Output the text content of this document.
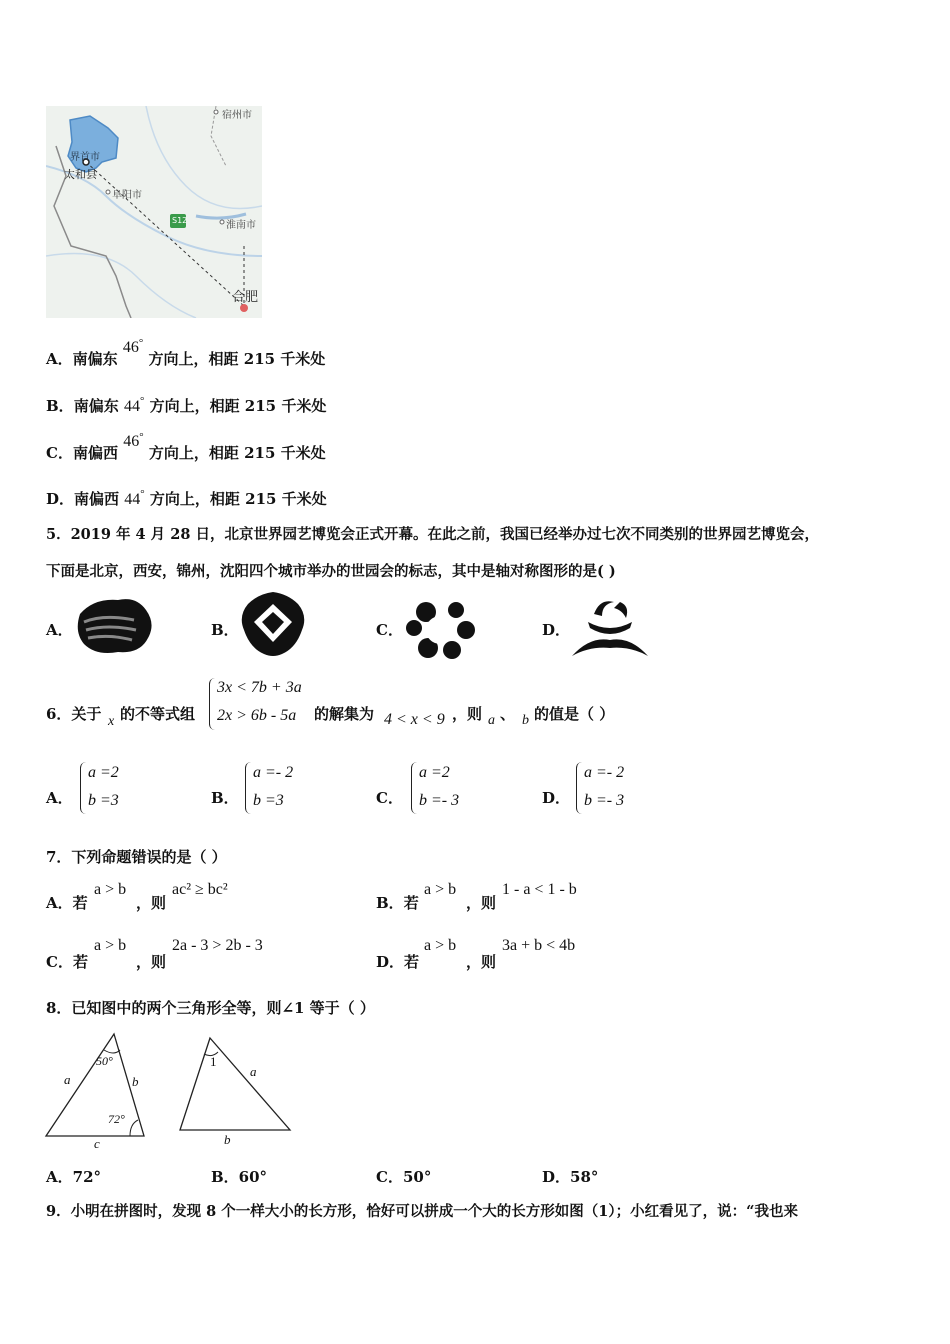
宿州市
界首市
太和县
阜阳市
淮南市
合肥
S12
A．南偏东 46° 方向上，相距 215 千米处
B．南偏东 44° 方向上，相距 215 千米处
C．南偏西 46° 方向上，相距 215 千米处
D．南偏西 44° 方向上，相距 215 千米处
5．2019 年 4 月 28 日，北京世界园艺博览会正式开幕。在此之前，我国已经举办过七次不同类别的世界园艺博览会，
下面是北京，西安，锦州，沈阳四个城市举办的世园会的标志，其中是轴对称图形的是( )
A．	B．	C．	D．
6．关于 x 的不等式组
3x < 7b + 3a
2x > 6b - 5a 的解集为 4 < x < 9 ，则 a 、 b 的值是（ ）
A．
a =2
b =3	B．
a =- 2
b =3	C．
a =2
b =- 3	D．
a =- 2
b =- 3
7．下列命题错误的是（ ）
A．若
a > b
，则
ac² ≥ bc²
B．若
a > b
，则
1 - a < 1 - b
C．若
a > b
，则
2a - 3 > 2b - 3
D．若
a > b
，则
3a + b < 4b
8．已知图中的两个三角形全等，则∠1 等于（ ）
50°
72°
a	b
c
1
a
b
A．72°	B．60°	C．50°	D．58°
9．小明在拼图时，发现 8 个一样大小的长方形，恰好可以拼成一个大的长方形如图（1）；小红看见了，说：“我也来
